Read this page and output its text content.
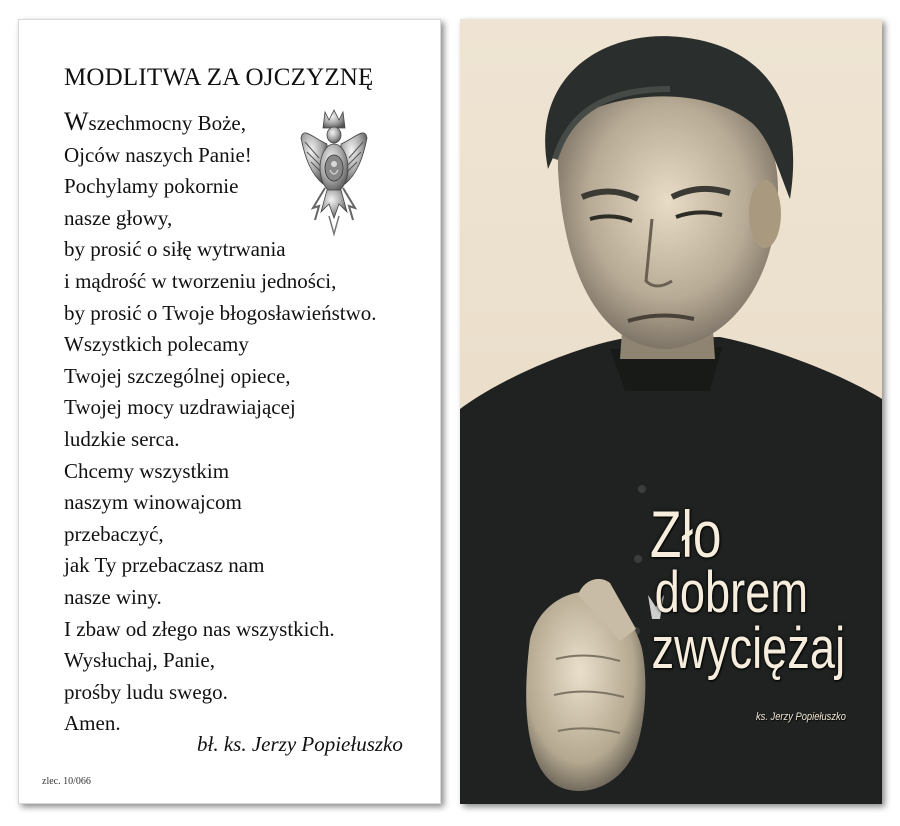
MODLITWA ZA OJCZYZNĘ
Wszechmocny Boże,
Ojców naszych Panie!
Pochylamy pokornie
nasze głowy,
by prosić o siłę wytrwania
i mądrość w tworzeniu jedności,
by prosić o Twoje błogosławieństwo.
Wszystkich polecamy
Twojej szczególnej opiece,
Twojej mocy uzdrawiającej
ludzkie serca.
Chcemy wszystkim
naszym winowajcom
przebaczyć,
jak Ty przebaczasz nam
nasze winy.
I zbaw od złego nas wszystkich.
Wysłuchaj, Panie,
prośby ludu swego.
Amen.
bł. ks. Jerzy Popiełuszko
zlec. 10/066
Zło
dobrem
zwyciężaj
ks. Jerzy Popiełuszko
